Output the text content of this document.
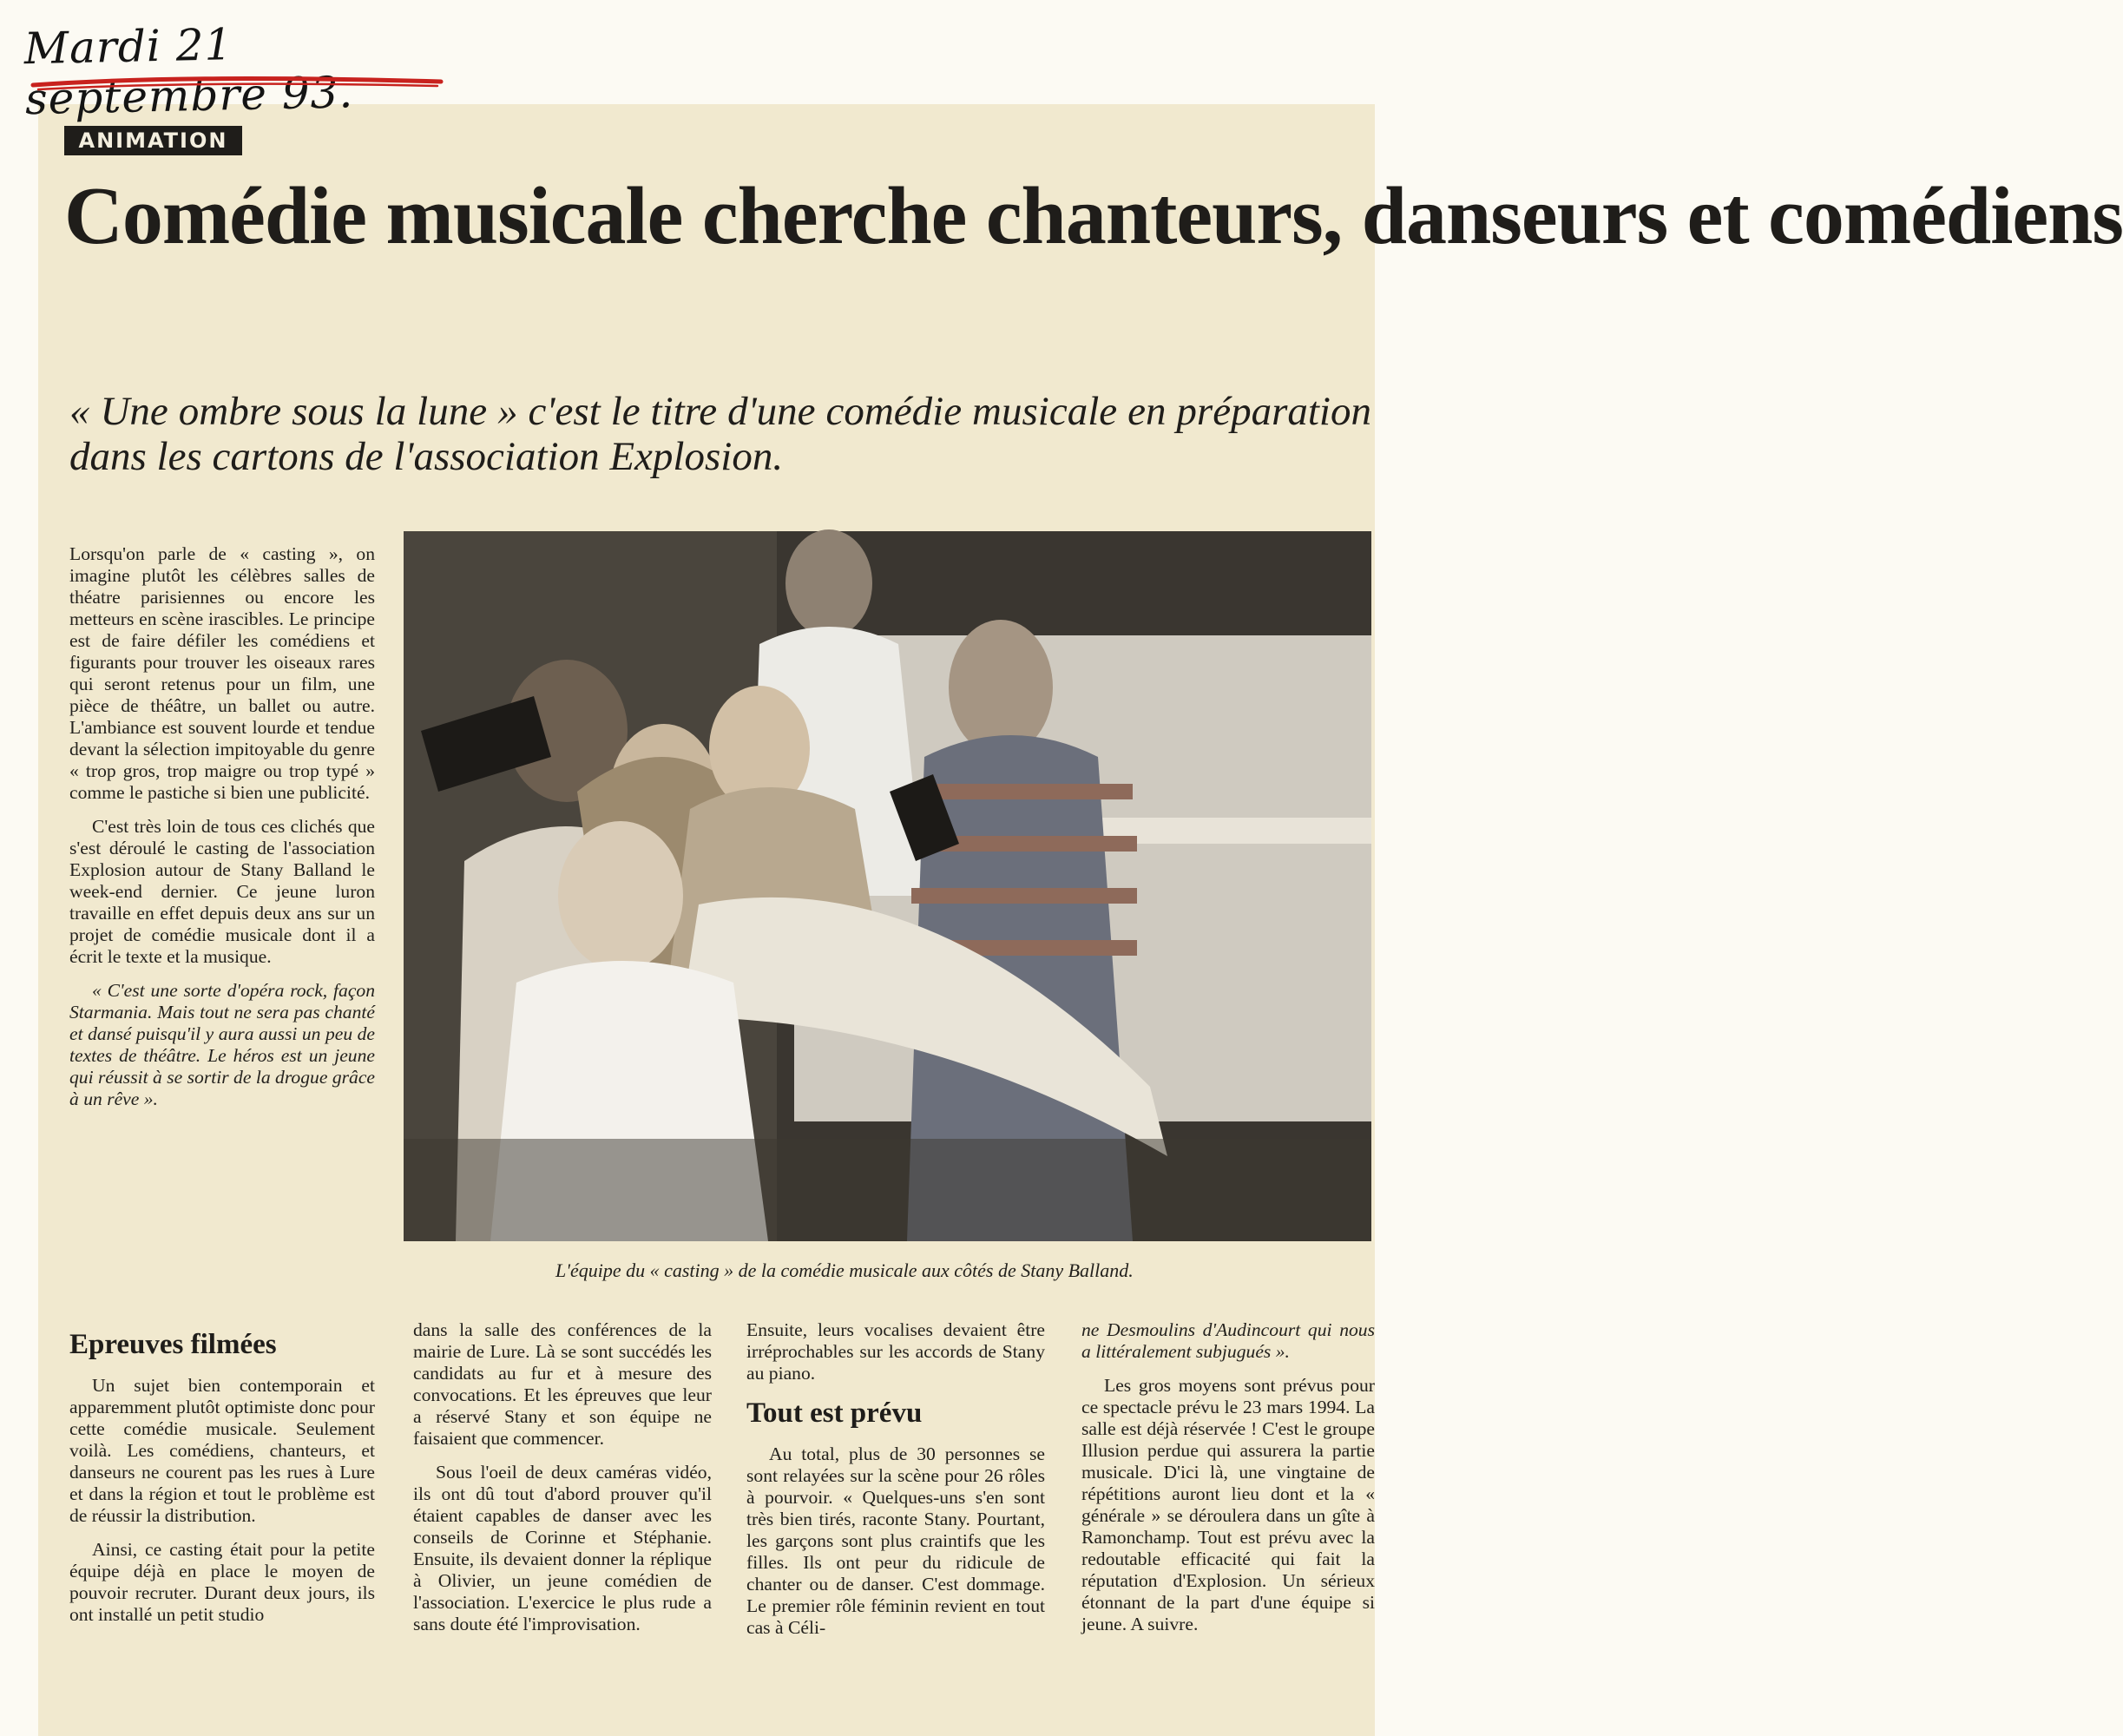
Mardi 21 septembre 93.

ANIMATION
Comédie musicale cherche chanteurs, danseurs et comédiens

« Une ombre sous la lune » c'est le titre d'une comédie musicale en préparation dans les cartons de l'association Explosion.

Lorsqu'on parle de « casting », on imagine plutôt les célèbres salles de théatre parisiennes ou encore les metteurs en scène irascibles. Le principe est de faire défiler les comédiens et figurants pour trouver les oiseaux rares qui seront retenus pour un film, une pièce de théâtre, un ballet ou autre. L'ambiance est souvent lourde et tendue devant la sélection impitoyable du genre « trop gros, trop maigre ou trop typé » comme le pastiche si bien une publicité.

C'est très loin de tous ces clichés que s'est déroulé le casting de l'association Explosion autour de Stany Balland le week-end dernier. Ce jeune luron travaille en effet depuis deux ans sur un projet de comédie musicale dont il a écrit le texte et la musique.

« C'est une sorte d'opéra rock, façon Starmania. Mais tout ne sera pas chanté et dansé puisqu'il y aura aussi un peu de textes de théâtre. Le héros est un jeune qui réussit à se sortir de la drogue grâce à un rêve ».

L'équipe du « casting » de la comédie musicale aux côtés de Stany Balland.

Epreuves filmées

Un sujet bien contemporain et apparemment plutôt optimiste donc pour cette comédie musicale. Seulement voilà. Les comédiens, chanteurs, et danseurs ne courent pas les rues à Lure et dans la région et tout le problème est de réussir la distribution.

Ainsi, ce casting était pour la petite équipe déjà en place le moyen de pouvoir recruter. Durant deux jours, ils ont installé un petit studio

dans la salle des conférences de la mairie de Lure. Là se sont succédés les candidats au fur et à mesure des convocations. Et les épreuves que leur a réservé Stany et son équipe ne faisaient que commencer.

Sous l'oeil de deux caméras vidéo, ils ont dû tout d'abord prouver qu'il étaient capables de danser avec les conseils de Corinne et Stéphanie. Ensuite, ils devaient donner la réplique à Olivier, un jeune comédien de l'association. L'exercice le plus rude a sans doute été l'improvisation.

Ensuite, leurs vocalises devaient être irréprochables sur les accords de Stany au piano.

Tout est prévu

Au total, plus de 30 personnes se sont relayées sur la scène pour 26 rôles à pourvoir. « Quelques-uns s'en sont très bien tirés, raconte Stany. Pourtant, les garçons sont plus craintifs que les filles. Ils ont peur du ridicule de chanter ou de danser. C'est dommage. Le premier rôle féminin revient en tout cas à Céli-

ne Desmoulins d'Audincourt qui nous a littéralement subjugués ».

Les gros moyens sont prévus pour ce spectacle prévu le 23 mars 1994. La salle est déjà réservée ! C'est le groupe Illusion perdue qui assurera la partie musicale. D'ici là, une vingtaine de répétitions auront lieu dont et la « générale » se déroulera dans un gîte à Ramonchamp. Tout est prévu avec la redoutable efficacité qui fait la réputation d'Explosion. Un sérieux étonnant de la part d'une équipe si jeune. A suivre.
